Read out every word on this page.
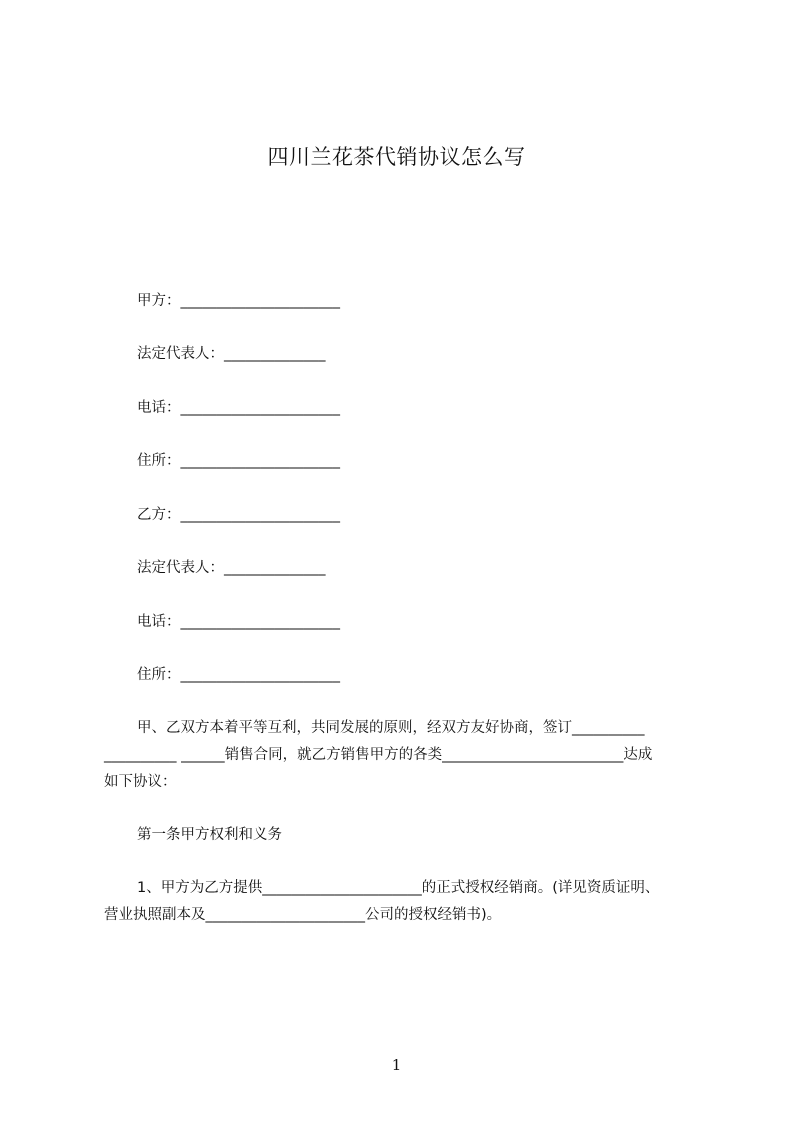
四川兰花茶代销协议怎么写
甲方：______________________
法定代表人：______________
电话：______________________
住所：______________________
乙方：______________________
法定代表人：______________
电话：______________________
住所：______________________
甲、乙双方本着平等互利，共同发展的原则，经双方友好协商，签订__________
__________ ______销售合同，就乙方销售甲方的各类_________________________达成
如下协议：
第一条甲方权利和义务
1、甲方为乙方提供______________________的正式授权经销商。(详见资质证明、
营业执照副本及______________________公司的授权经销书)。
1
